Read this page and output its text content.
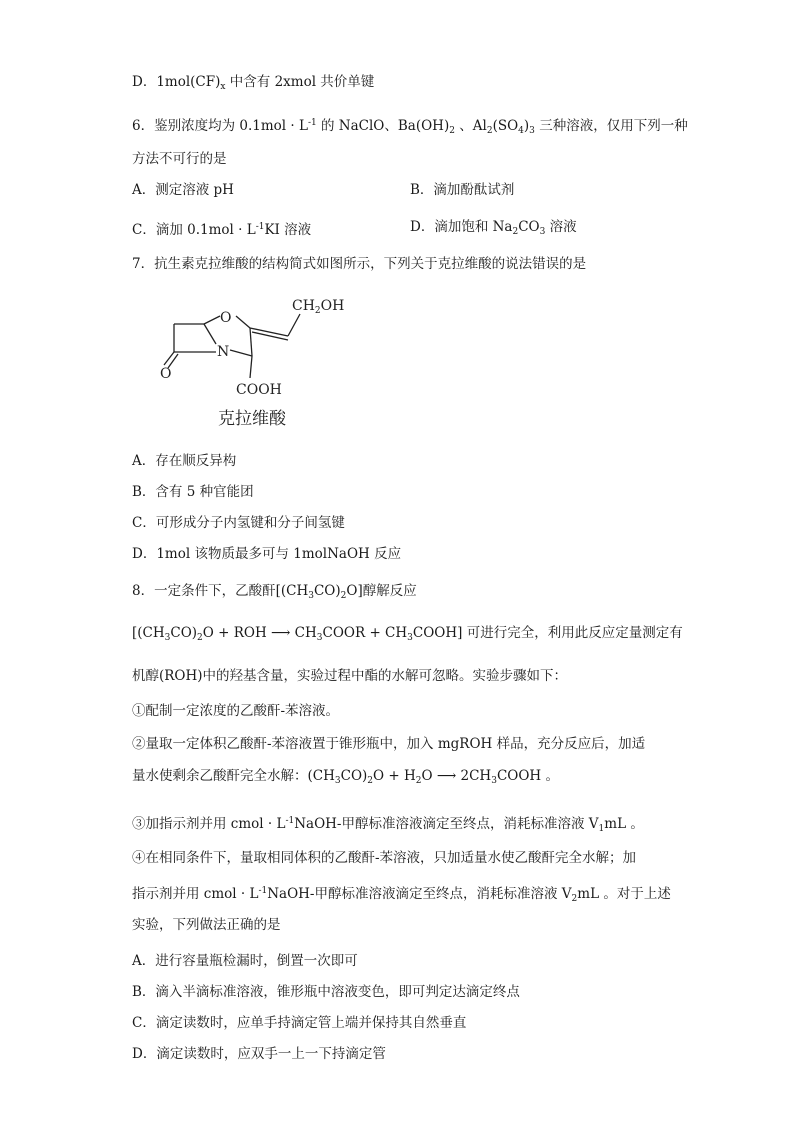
D．$1mol(CF)_x$ 中含有 2xmol 共价单键
6．鉴别浓度均为 $0.1mol \cdot L^{-1}$ 的 NaClO、$Ba(OH)_2$ 、$Al_2(SO_4)_3$ 三种溶液，仅用下列一种
方法不可行的是
A．测定溶液 pH	B．滴加酚酞试剂
C．滴加 $0.1mol \cdot L^{-1}KI$ 溶液	D．滴加饱和 $Na_2CO_3$ 溶液
7．抗生素克拉维酸的结构简式如图所示，下列关于克拉维酸的说法错误的是
O
N
O
$CH_2OH$
COOH
克拉维酸
A．存在顺反异构
B．含有 5 种官能团
C．可形成分子内氢键和分子间氢键
D．1mol 该物质最多可与 1molNaOH 反应
8．一定条件下，乙酸酐$[(CH_3CO)_2O]$醇解反应
[$(CH_3CO)_2O$ + ROH ⟶ $CH_3COOR$ + $CH_3COOH$] 可进行完全，利用此反应定量测定有
机醇(ROH)中的羟基含量，实验过程中酯的水解可忽略。实验步骤如下：
①配制一定浓度的乙酸酐-苯溶液。
②量取一定体积乙酸酐-苯溶液置于锥形瓶中，加入 mgROH 样品，充分反应后，加适
量水使剩余乙酸酐完全水解：$(CH_3CO)_2O + H_2O$ ⟶ $2CH_3COOH$ 。
③加指示剂并用 cmol · $L^{-1}NaOH-$甲醇标准溶液滴定至终点，消耗标准溶液 $V_1mL$ 。
④在相同条件下，量取相同体积的乙酸酐-苯溶液，只加适量水使乙酸酐完全水解；加
指示剂并用 cmol · $L^{-1}NaOH-$甲醇标准溶液滴定至终点，消耗标准溶液 $V_2mL$ 。对于上述
实验，下列做法正确的是
A．进行容量瓶检漏时，倒置一次即可
B．滴入半滴标准溶液，锥形瓶中溶液变色，即可判定达滴定终点
C．滴定读数时，应单手持滴定管上端并保持其自然垂直
D．滴定读数时，应双手一上一下持滴定管
